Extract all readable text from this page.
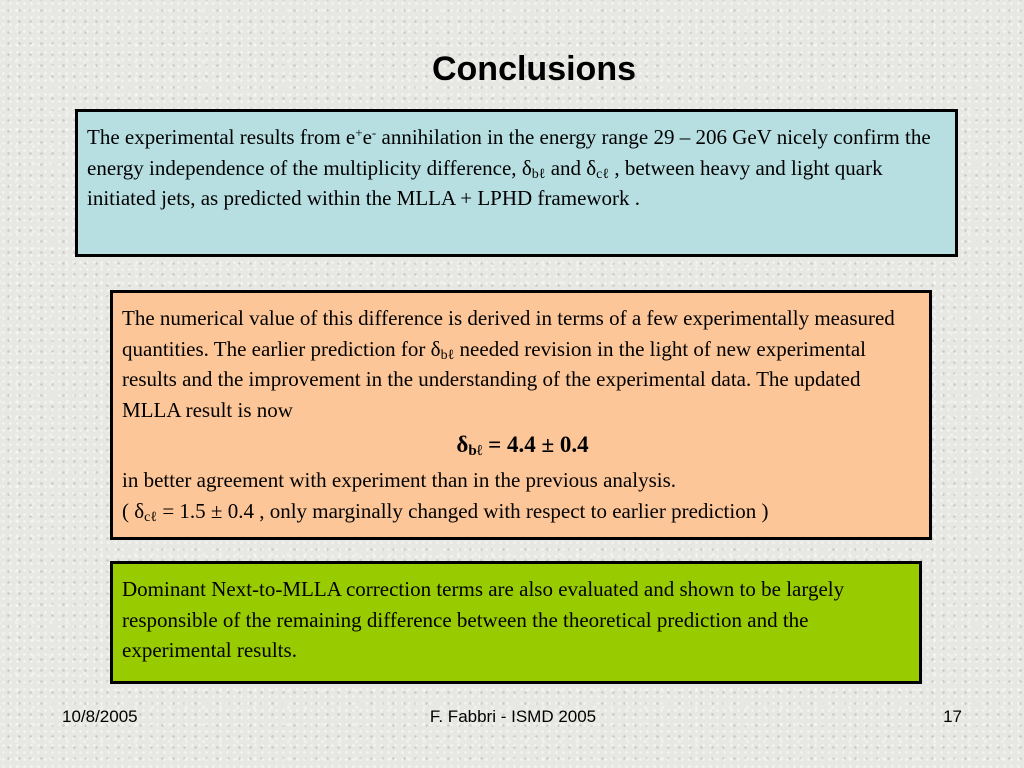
Conclusions

The experimental results from e+e- annihilation in the energy range 29 – 206 GeV nicely confirm the energy independence of the multiplicity difference, $\delta_{b\ell}$ and $\delta_{c\ell}$ , between heavy and light quark initiated jets, as predicted within the MLLA + LPHD framework .

The numerical value of this difference is derived in terms of a few experimentally measured quantities. The earlier prediction for $\delta_{b\ell}$ needed revision in the light of new experimental results and the improvement in the understanding of the experimental data. The updated MLLA result is now

$\delta_{b\ell} = 4.4 \pm 0.4$

in better agreement with experiment than in the previous analysis.

( $\delta_{c\ell} = 1.5 \pm 0.4$ , only marginally changed with respect to earlier prediction )

Dominant Next-to-MLLA correction terms are also evaluated and shown to be largely responsible of the remaining difference between the theoretical prediction and the experimental results.

10/8/2005	F. Fabbri - ISMD 2005	17
